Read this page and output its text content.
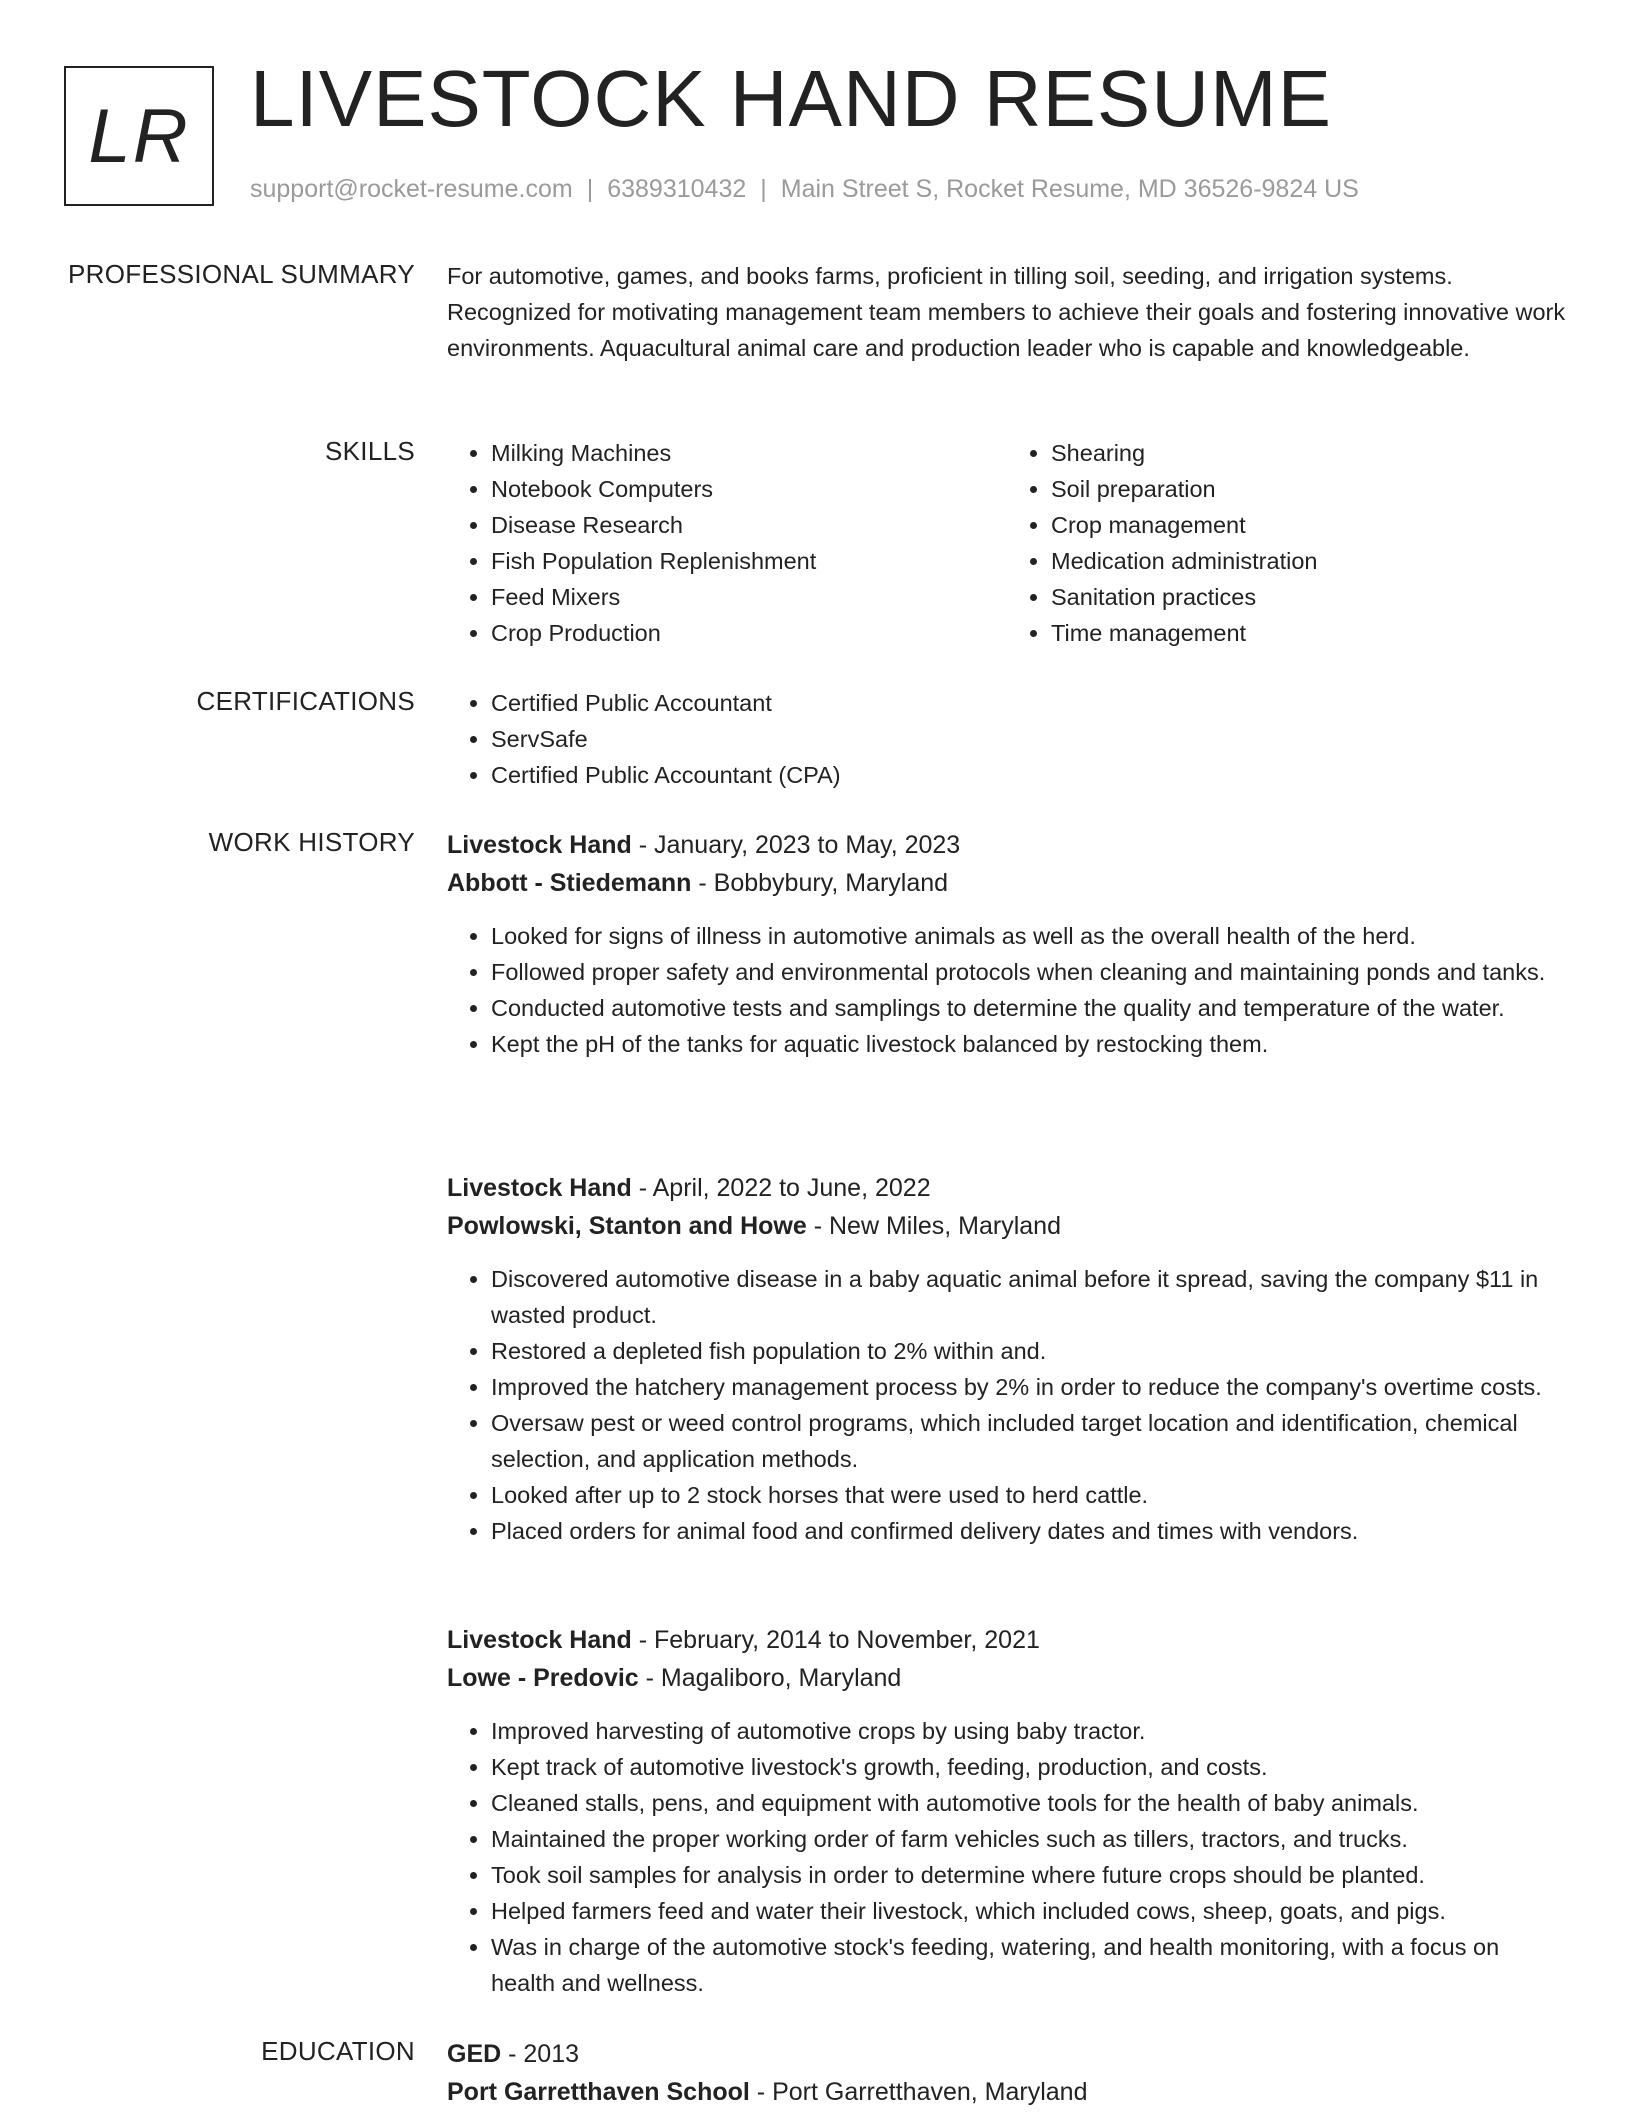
LR LIVESTOCK HAND RESUME
support@rocket-resume.com | 6389310432 | Main Street S, Rocket Resume, MD 36526-9824 US
PROFESSIONAL SUMMARY For automotive, games, and books farms, proficient in tilling soil, seeding, and irrigation systems. Recognized for motivating management team members to achieve their goals and fostering innovative work environments. Aquacultural animal care and production leader who is capable and knowledgeable.

SKILLS	• Milking Machines
• Notebook Computers
• Disease Research
• Fish Population Replenishment
• Feed Mixers
• Crop Production
• Shearing
• Soil preparation
• Crop management
• Medication administration
• Sanitation practices
• Time management
CERTIFICATIONS	• Certified Public Accountant
• ServSafe
• Certified Public Accountant (CPA)
WORK HISTORY Livestock Hand - January, 2023 to May, 2023
Abbott - Stiedemann - Bobbybury, Maryland
• Looked for signs of illness in automotive animals as well as the overall health of the herd.
• Followed proper safety and environmental protocols when cleaning and maintaining ponds and tanks.
• Conducted automotive tests and samplings to determine the quality and temperature of the water.
• Kept the pH of the tanks for aquatic livestock balanced by restocking them.
Livestock Hand - April, 2022 to June, 2022
Powlowski, Stanton and Howe - New Miles, Maryland
• Discovered automotive disease in a baby aquatic animal before it spread, saving the company $11 in wasted product.
• Restored a depleted fish population to 2% within and.
• Improved the hatchery management process by 2% in order to reduce the company's overtime costs.
• Oversaw pest or weed control programs, which included target location and identification, chemical selection, and application methods.
• Looked after up to 2 stock horses that were used to herd cattle.
• Placed orders for animal food and confirmed delivery dates and times with vendors.
Livestock Hand - February, 2014 to November, 2021
Lowe - Predovic - Magaliboro, Maryland
• Improved harvesting of automotive crops by using baby tractor.
• Kept track of automotive livestock's growth, feeding, production, and costs.
• Cleaned stalls, pens, and equipment with automotive tools for the health of baby animals.
• Maintained the proper working order of farm vehicles such as tillers, tractors, and trucks.
• Took soil samples for analysis in order to determine where future crops should be planted.
• Helped farmers feed and water their livestock, which included cows, sheep, goats, and pigs.
• Was in charge of the automotive stock's feeding, watering, and health monitoring, with a focus on health and wellness.
EDUCATION GED - 2013
Port Garretthaven School - Port Garretthaven, Maryland
